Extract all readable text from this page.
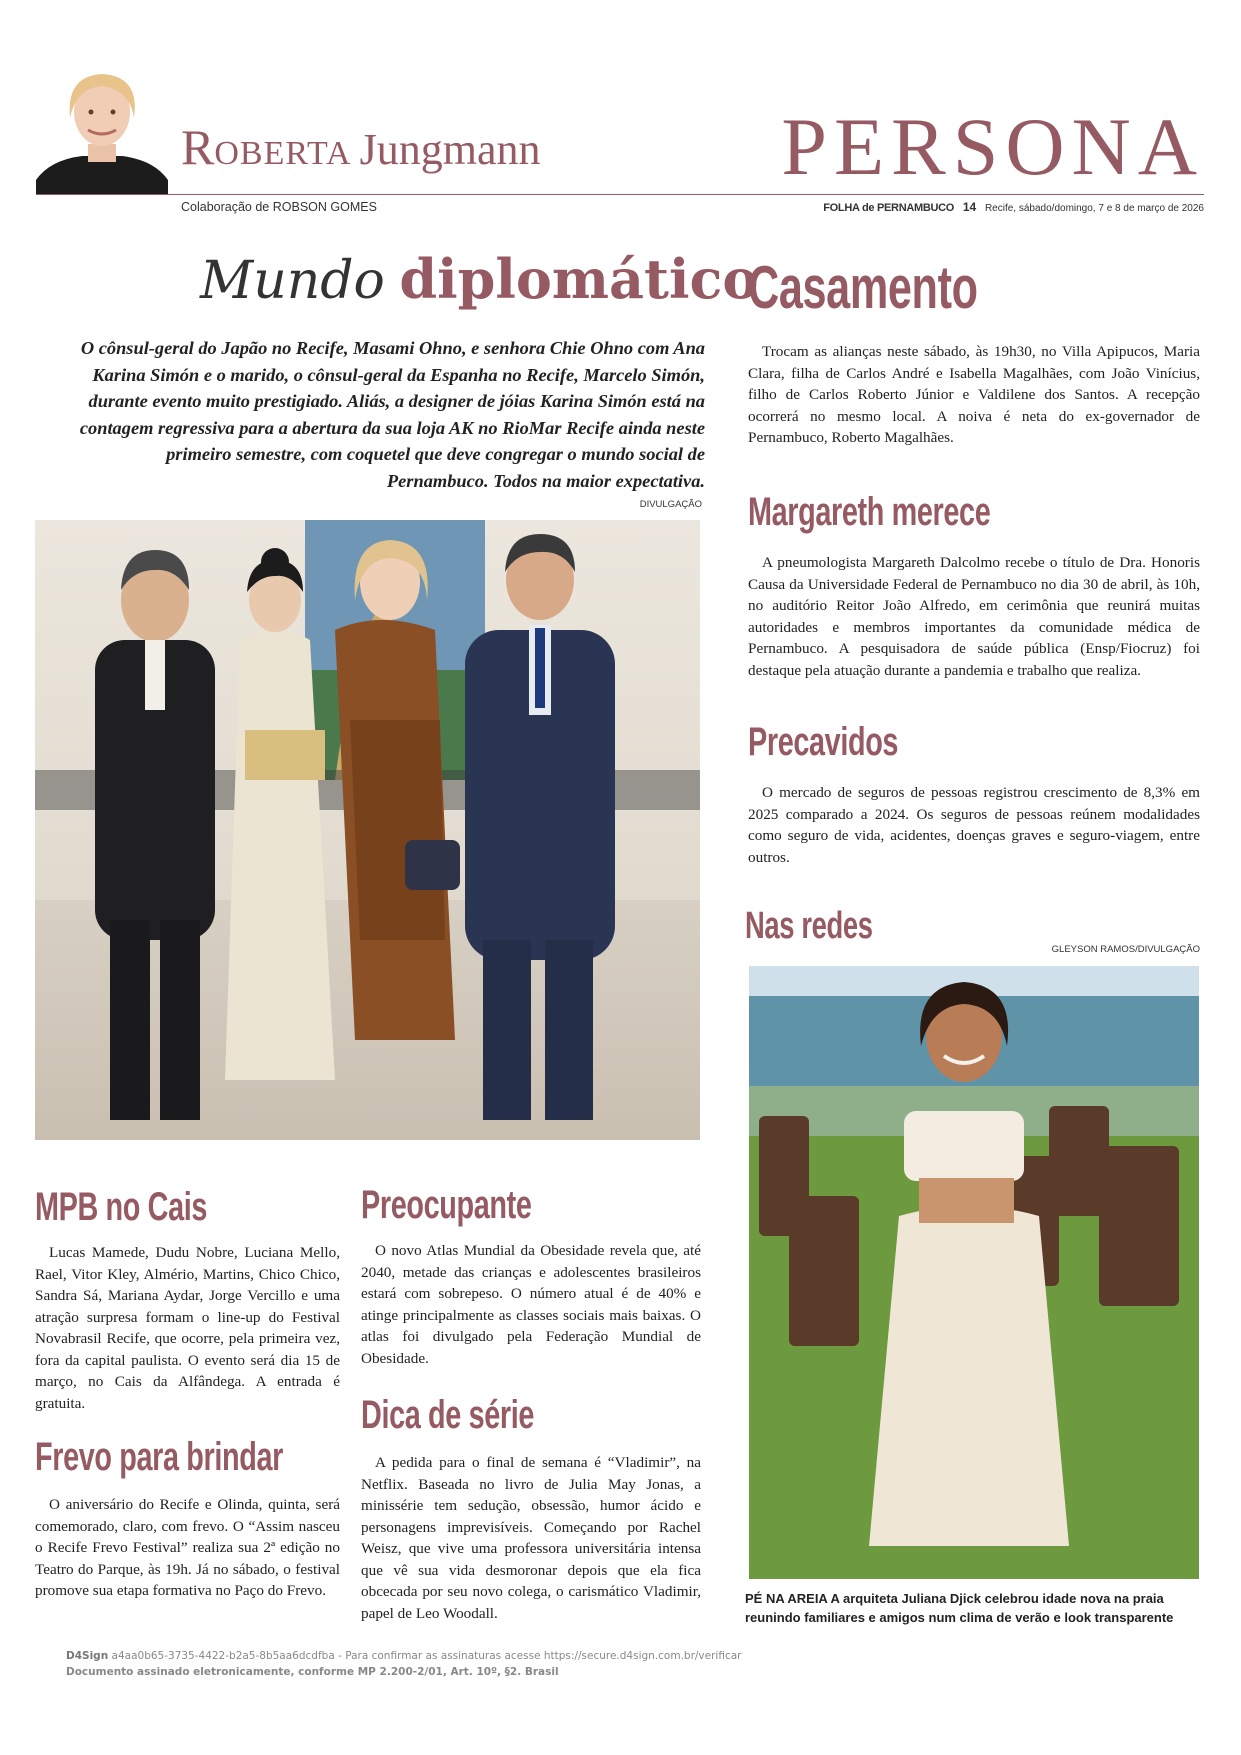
ROBERTA Jungmann	PERSONA
Colaboração de ROBSON GOMES	FOLHA de PERNAMBUCO 14 Recife, sábado/domingo, 7 e 8 de março de 2026
Mundo diplomático

O cônsul-geral do Japão no Recife, Masami Ohno, e senhora Chie Ohno com Ana Karina Simón e o marido, o cônsul-geral da Espanha no Recife, Marcelo Simón, durante evento muito prestigiado. Aliás, a designer de jóias Karina Simón está na contagem regressiva para a abertura da sua loja AK no RioMar Recife ainda neste primeiro semestre, com coquetel que deve congregar o mundo social de Pernambuco. Todos na maior expectativa.

DIVULGAÇÃO
MPB no Cais

Lucas Mamede, Dudu Nobre, Luciana Mello, Rael, Vitor Kley, Almério, Martins, Chico Chico, Sandra Sá, Mariana Aydar, Jorge Vercillo e uma atração surpresa formam o line-up do Festival Novabrasil Recife, que ocorre, pela primeira vez, fora da capital paulista. O evento será dia 15 de março, no Cais da Alfândega. A entrada é gratuita.

Frevo para brindar

O aniversário do Recife e Olinda, quinta, será comemorado, claro, com frevo. O “Assim nasceu o Recife Frevo Festival” realiza sua 2ª edição no Teatro do Parque, às 19h. Já no sábado, o festival promove sua etapa formativa no Paço do Frevo.

Preocupante

O novo Atlas Mundial da Obesidade revela que, até 2040, metade das crianças e adolescentes brasileiros estará com sobrepeso. O número atual é de 40% e atinge principalmente as classes sociais mais baixas. O atlas foi divulgado pela Federação Mundial de Obesidade.

Dica de série

A pedida para o final de semana é “Vladimir”, na Netflix. Baseada no livro de Julia May Jonas, a minissérie tem sedução, obsessão, humor ácido e personagens imprevisíveis. Começando por Rachel Weisz, que vive uma professora universitária intensa que vê sua vida desmoronar depois que ela fica obcecada por seu novo colega, o carismático Vladimir, papel de Leo Woodall.

Casamento

Trocam as alianças neste sábado, às 19h30, no Villa Apipucos, Maria Clara, filha de Carlos André e Isabella Magalhães, com João Vinícius, filho de Carlos Roberto Júnior e Valdilene dos Santos. A recepção ocorrerá no mesmo local. A noiva é neta do ex-governador de Pernambuco, Roberto Magalhães.

Margareth merece

A pneumologista Margareth Dalcolmo recebe o título de Dra. Honoris Causa da Universidade Federal de Pernambuco no dia 30 de abril, às 10h, no auditório Reitor João Alfredo, em cerimônia que reunirá muitas autoridades e membros importantes da comunidade médica de Pernambuco. A pesquisadora de saúde pública (Ensp/Fiocruz) foi destaque pela atuação durante a pandemia e trabalho que realiza.

Precavidos

O mercado de seguros de pessoas registrou crescimento de 8,3% em 2025 comparado a 2024. Os seguros de pessoas reúnem modalidades como seguro de vida, acidentes, doenças graves e seguro-viagem, entre outros.

Nas redes
GLEYSON RAMOS/DIVULGAÇÃO

PÉ NA AREIA A arquiteta Juliana Djick celebrou idade nova na praia reunindo familiares e amigos num clima de verão e look transparente

D4Sign a4aa0b65-3735-4422-b2a5-8b5aa6dcdfba - Para confirmar as assinaturas acesse https://secure.d4sign.com.br/verificar
Documento assinado eletronicamente, conforme MP 2.200-2/01, Art. 10º, §2. Brasil
